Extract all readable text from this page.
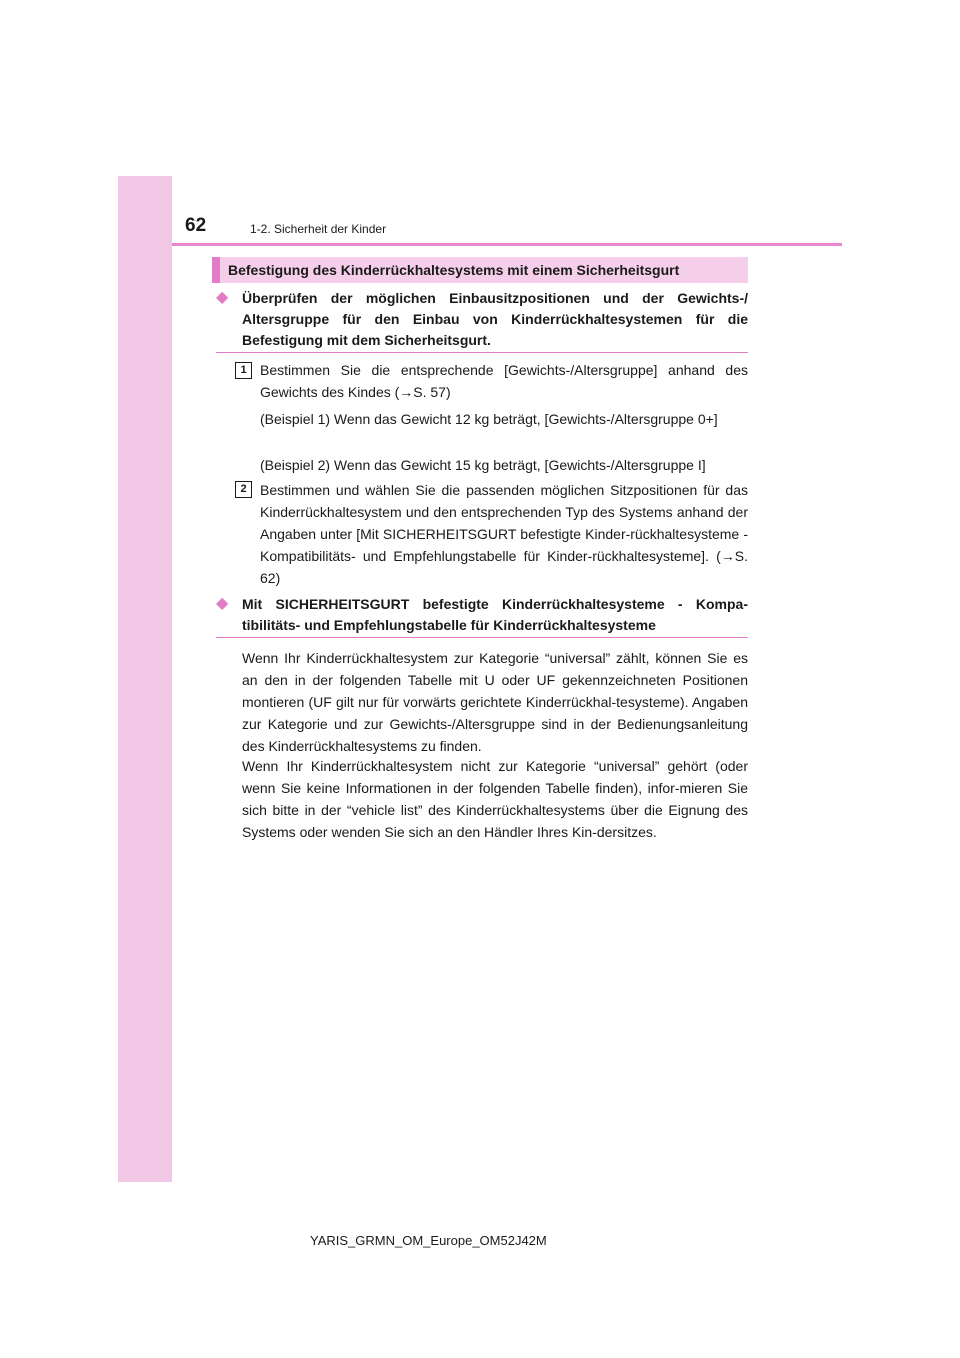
62	1-2. Sicherheit der Kinder
Befestigung des Kinderrückhaltesystems mit einem Sicherheitsgurt
◆ Überprüfen der möglichen Einbausitzpositionen und der Gewichts-/ Altersgruppe für den Einbau von Kinderrückhaltesystemen für die Befestigung mit dem Sicherheitsgurt.
1 Bestimmen Sie die entsprechende [Gewichts-/Altersgruppe] anhand des Gewichts des Kindes (→S. 57)
(Beispiel 1) Wenn das Gewicht 12 kg beträgt, [Gewichts-/Altersgruppe 0+]
(Beispiel 2) Wenn das Gewicht 15 kg beträgt, [Gewichts-/Altersgruppe I]
2 Bestimmen und wählen Sie die passenden möglichen Sitzpositionen für das Kinderrückhaltesystem und den entsprechenden Typ des Systems anhand der Angaben unter [Mit SICHERHEITSGURT befestigte Kinder-rückhaltesysteme - Kompatibilitäts- und Empfehlungstabelle für Kinder-rückhaltesysteme]. (→S. 62)
◆ Mit SICHERHEITSGURT befestigte Kinderrückhaltesysteme - Kompa-tibilitäts- und Empfehlungstabelle für Kinderrückhaltesysteme
Wenn Ihr Kinderrückhaltesystem zur Kategorie “universal” zählt, können Sie es an den in der folgenden Tabelle mit U oder UF gekennzeichneten Positionen montieren (UF gilt nur für vorwärts gerichtete Kinderrückhal-tesysteme). Angaben zur Kategorie und zur Gewichts-/Altersgruppe sind in der Bedienungsanleitung des Kinderrückhaltesystems zu finden.
Wenn Ihr Kinderrückhaltesystem nicht zur Kategorie “universal” gehört (oder wenn Sie keine Informationen in der folgenden Tabelle finden), infor-mieren Sie sich bitte in der “vehicle list” des Kinderrückhaltesystems über die Eignung des Systems oder wenden Sie sich an den Händler Ihres Kin-dersitzes.
YARIS_GRMN_OM_Europe_OM52J42M
